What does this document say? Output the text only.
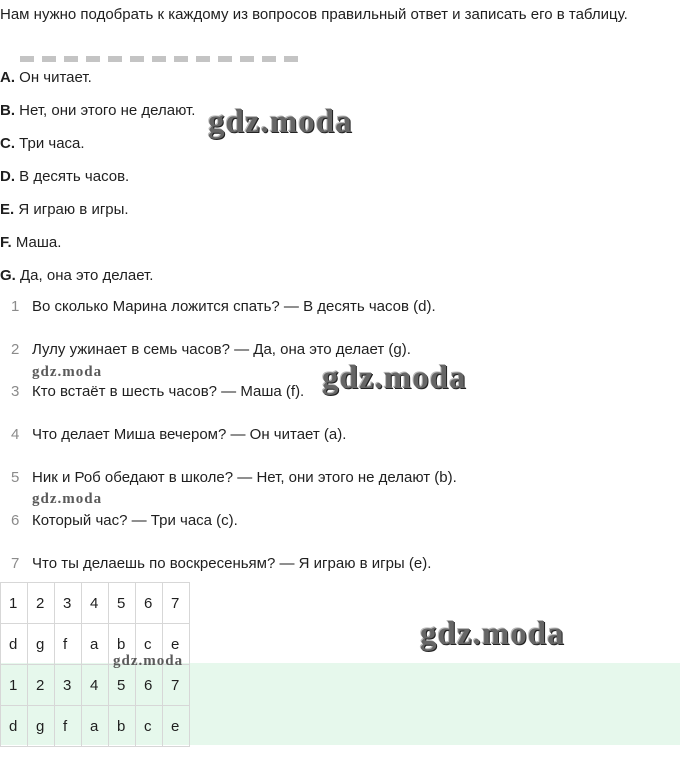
Нам нужно подобрать к каждому из вопросов правильный ответ и записать его в таблицу.

A. Он читает.

B. Нет, они этого не делают.

C. Три часа.

D. В десять часов.

E. Я играю в игры.

F. Маша.

G. Да, она это делает.

1 Во сколько Марина ложится спать? — В десять часов (d).
2 Лулу ужинает в семь часов? — Да, она это делает (g).
3 Кто встаёт в шесть часов? — Маша (f).
4 Что делает Миша вечером? — Он читает (a).
5 Ник и Роб обедают в школе? — Нет, они этого не делают (b).
6 Который час? — Три часа (c).
7 Что ты делаешь по воскресеньям? — Я играю в игры (e).
1	2	3	4	5	6	7
d	g	f	a	b	c	e
1	2	3	4	5	6	7
d	g	f	a	b	c	e
gdz.moda
gdz.moda	gdz.moda
gdz.moda
gdz.moda
gdz.moda
